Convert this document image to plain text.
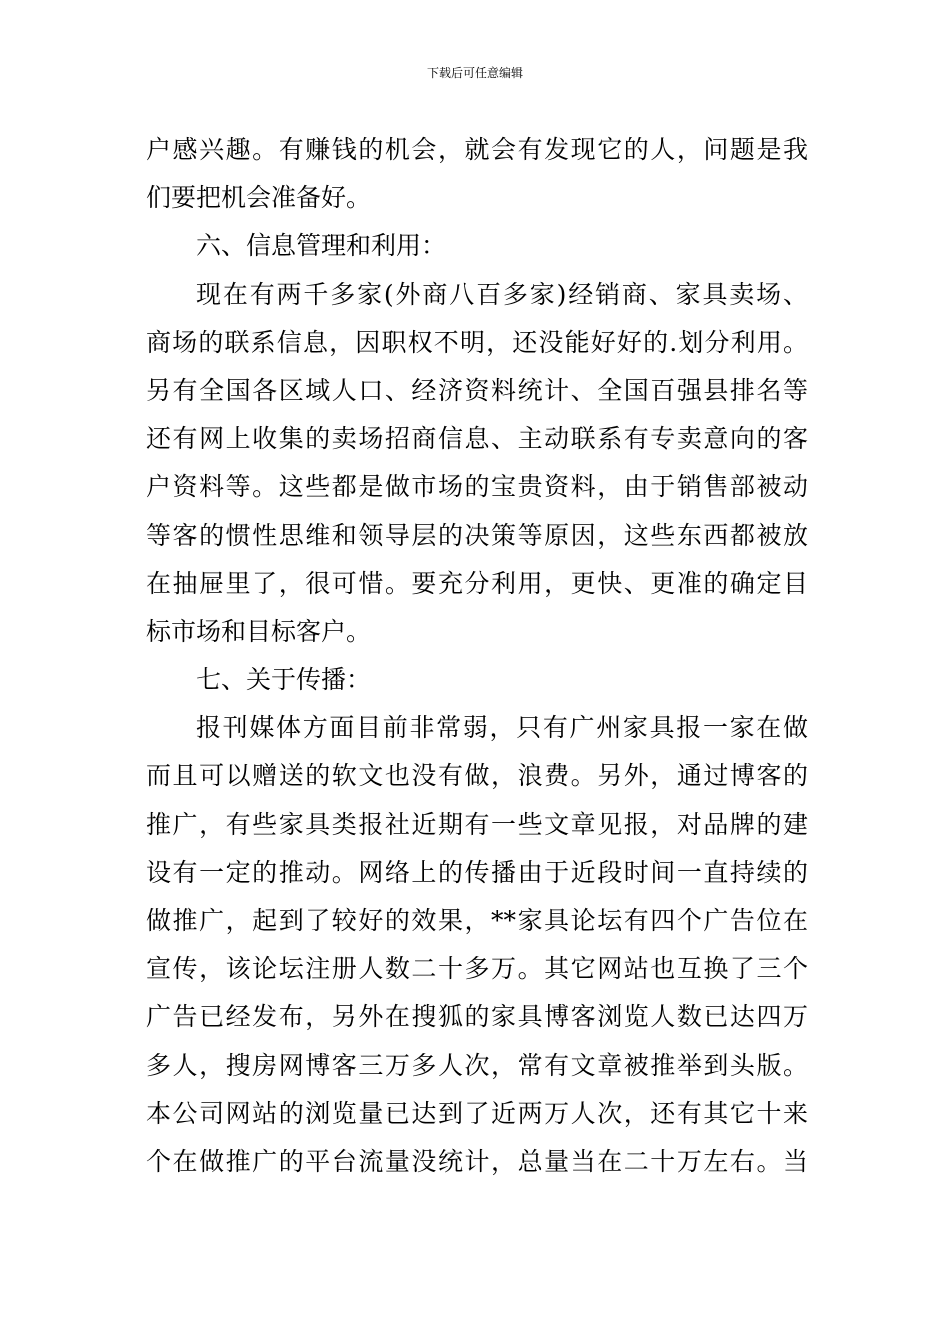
下载后可任意编辑
户感兴趣。有赚钱的机会，就会有发现它的人，问题是我
们要把机会准备好。
六、信息管理和利用：
现在有两千多家(外商八百多家)经销商、家具卖场、
商场的联系信息，因职权不明，还没能好好的.划分利用。
另有全国各区域人口、经济资料统计、全国百强县排名等
还有网上收集的卖场招商信息、主动联系有专卖意向的客
户资料等。这些都是做市场的宝贵资料，由于销售部被动
等客的惯性思维和领导层的决策等原因，这些东西都被放
在抽屉里了，很可惜。要充分利用，更快、更准的确定目
标市场和目标客户。
七、关于传播：
报刊媒体方面目前非常弱，只有广州家具报一家在做
而且可以赠送的软文也没有做，浪费。另外，通过博客的
推广，有些家具类报社近期有一些文章见报，对品牌的建
设有一定的推动。网络上的传播由于近段时间一直持续的
做推广，起到了较好的效果，**家具论坛有四个广告位在
宣传，该论坛注册人数二十多万。其它网站也互换了三个
广告已经发布，另外在搜狐的家具博客浏览人数已达四万
多人，搜房网博客三万多人次，常有文章被推举到头版。
本公司网站的浏览量已达到了近两万人次，还有其它十来
个在做推广的平台流量没统计，总量当在二十万左右。当
